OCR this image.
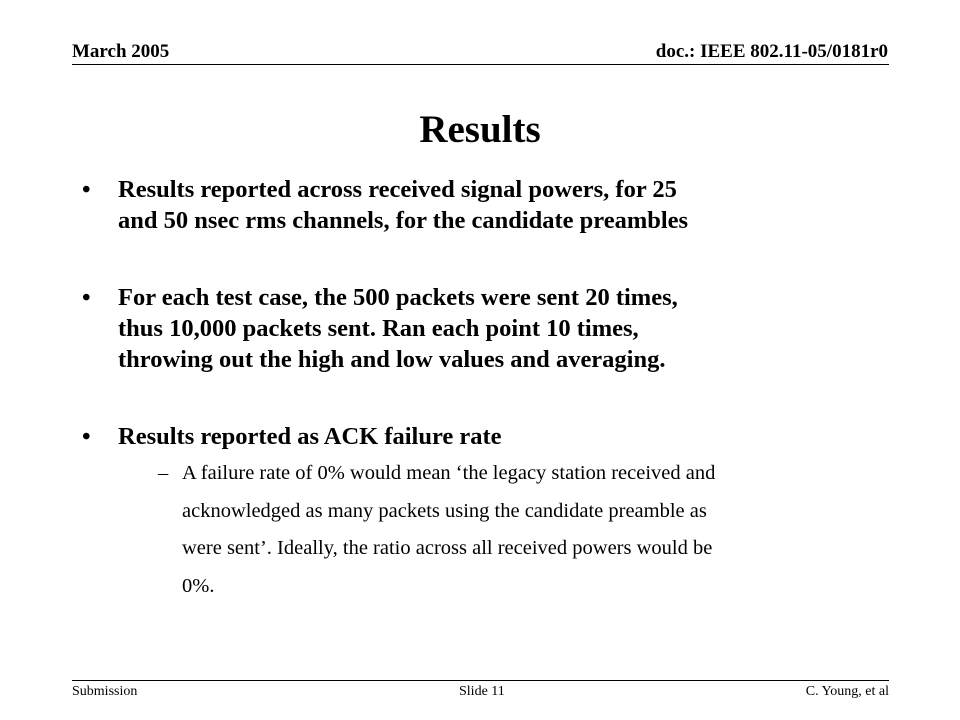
March 2005	doc.: IEEE 802.11-05/0181r0
Results
• Results reported across received signal powers, for 25
and 50 nsec rms channels, for the candidate preambles
• For each test case, the 500 packets were sent 20 times,
thus 10,000 packets sent. Ran each point 10 times,
throwing out the high and low values and averaging.
• Results reported as ACK failure rate
– A failure rate of 0% would mean ‘the legacy station received and
acknowledged as many packets using the candidate preamble as
were sent’. Ideally, the ratio across all received powers would be
0%.
Submission	Slide 11	C. Young, et al
